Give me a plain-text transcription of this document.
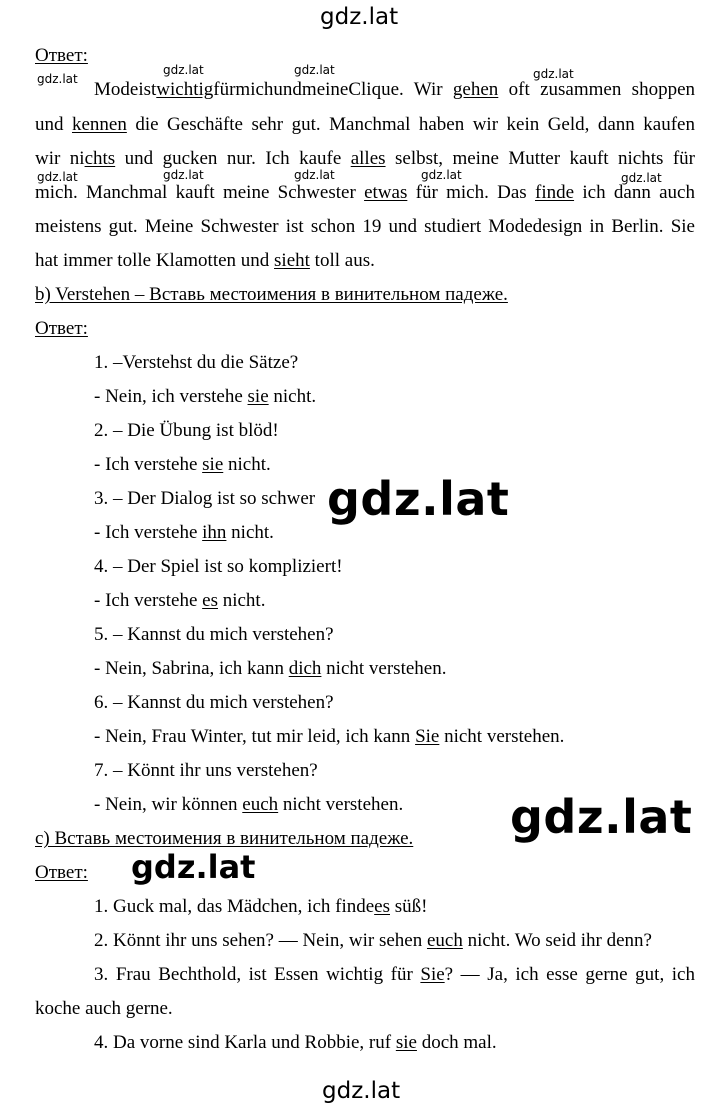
gdz.lat
gdz.lat
gdz.lat	gdz.lat	gdz.lat
gdz.lat	gdz.lat	gdz.lat	gdz.lat	gdz.lat
gdz.lat
gdz.lat
gdz.lat
gdz.lat
Ответ:
ModeistwichtigfürmichundmeineClique. Wir gehen oft zusammen shoppen
und kennen die Geschäfte sehr gut. Manchmal haben wir kein Geld, dann kaufen
wir nichts und gucken nur. Ich kaufe alles selbst, meine Mutter kauft nichts für
mich. Manchmal kauft meine Schwester etwas für mich. Das finde ich dann auch
meistens gut. Meine Schwester ist schon 19 und studiert Modedesign in Berlin. Sie
hat immer tolle Klamotten und sieht toll aus.
b) Verstehen – Вставь местоимения в винительном падеже.
Ответ:
1. –Verstehst du die Sätze?
- Nein, ich verstehe sie nicht.
2. – Die Übung ist blöd!
- Ich verstehe sie nicht.
3. – Der Dialog ist so schwer
- Ich verstehe ihn nicht.
4. – Der Spiel ist so kompliziert!
- Ich verstehe es nicht.
5. – Kannst du mich verstehen?
- Nein, Sabrina, ich kann dich nicht verstehen.
6. – Kannst du mich verstehen?
- Nein, Frau Winter, tut mir leid, ich kann Sie nicht verstehen.
7. – Könnt ihr uns verstehen?
- Nein, wir können euch nicht verstehen.
c) Вставь местоимения в винительном падеже.
Ответ:
1. Guck mal, das Mädchen, ich findees süß!
2. Könnt ihr uns sehen? — Nein, wir sehen euch nicht. Wo seid ihr denn?
3. Frau Bechthold, ist Essen wichtig für Sie? — Ja, ich esse gerne gut, ich
koche auch gerne.
4. Da vorne sind Karla und Robbie, ruf sie doch mal.
